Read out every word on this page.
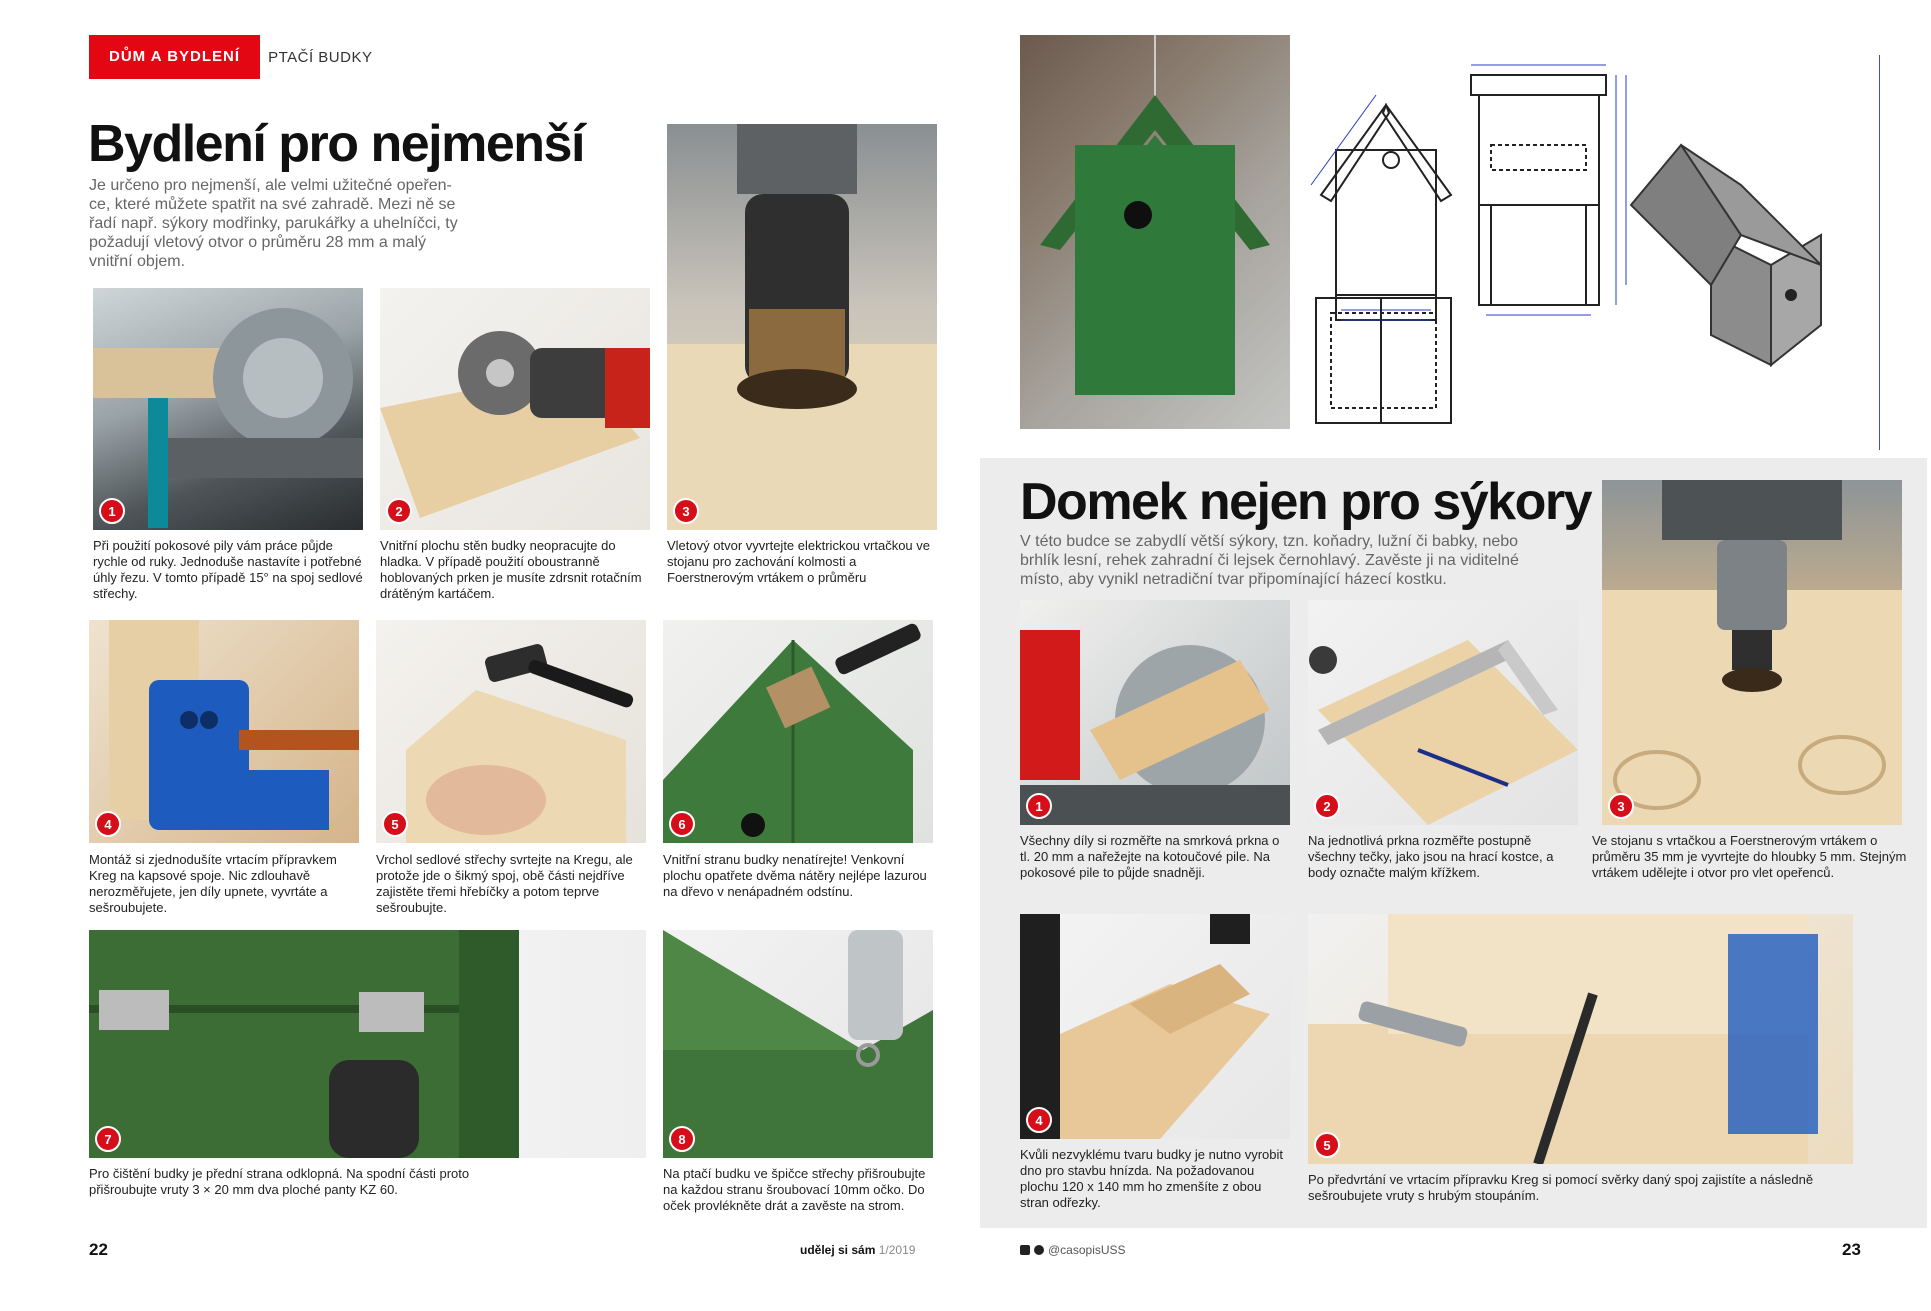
DŮM A BYDLENÍ	PTAČÍ BUDKY
Bydlení pro nejmenší
Je určeno pro nejmenší, ale velmi užitečné opeřen- ce, které můžete spatřit na své zahradě. Mezi ně se řadí např. sýkory modřinky, parukářky a uhelníčci, ty požadují vletový otvor o průměru 28 mm a malý vnitřní objem.
1
Při použití pokosové pily vám práce půjde rychle od ruky. Jednoduše nastavíte i potřebné úhly řezu. V tomto případě 15° na spoj sedlové střechy.
2
Vnitřní plochu stěn budky neopracujte do hladka. V případě použití oboustranně hoblovaných prken je musíte zdrsnit rotačním drátěným kartáčem.
3
Vletový otvor vyvrtejte elektrickou vrtačkou ve stojanu pro zachování kolmosti a Foerstnerovým vrtákem o průměru
4
Montáž si zjednodušíte vrtacím přípravkem Kreg na kapsové spoje. Nic zdlouhavě nerozměřujete, jen díly upnete, vyvrtáte a sešroubujete.
5
Vrchol sedlové střechy svrtejte na Kregu, ale protože jde o šikmý spoj, obě části nejdříve zajistěte třemi hřebíčky a potom teprve sešroubujte.
6
Vnitřní stranu budky nenatírejte! Venkovní plochu opatřete dvěma nátěry nejlépe lazurou na dřevo v nenápadném odstínu.
7
Pro čištění budky je přední strana odklopná. Na spodní části proto přišroubujte vruty 3 × 20 mm dva ploché panty KZ 60.
8
Na ptačí budku ve špičce střechy přišroubujte na každou stranu šroubovací 10mm očko. Do oček provlékněte drát a zavěste na strom.
22	udělej si sám 1/2019
Domek nejen pro sýkory
V této budce se zabydlí větší sýkory, tzn. koňadry, lužní či babky, nebo brhlík lesní, rehek zahradní či lejsek černohlavý. Zavěste ji na viditelné místo, aby vynikl netradiční tvar připomínající házecí kostku.
3
Ve stojanu s vrtačkou a Foerstnerovým vrtákem o průměru 35 mm je vyvrtejte do hloubky 5 mm. Stejným vrtákem udělejte i otvor pro vlet opeřenců.
1
Všechny díly si rozměřte na smrková prkna o tl. 20 mm a nařežejte na kotoučové pile. Na pokosové pile to půjde snadněji.
2
Na jednotlivá prkna rozměřte postupně všechny tečky, jako jsou na hrací kostce, a body označte malým křížkem.
4
Kvůli nezvyklému tvaru budky je nutno vyrobit dno pro stavbu hnízda. Na požadovanou plochu 120 x 140 mm ho zmenšíte z obou stran odřezky.
5
Po předvrtání ve vrtacím přípravku Kreg si pomocí svěrky daný spoj zajistíte a následně sešroubujete vruty s hrubým stoupáním.
@casopisUSS	23
